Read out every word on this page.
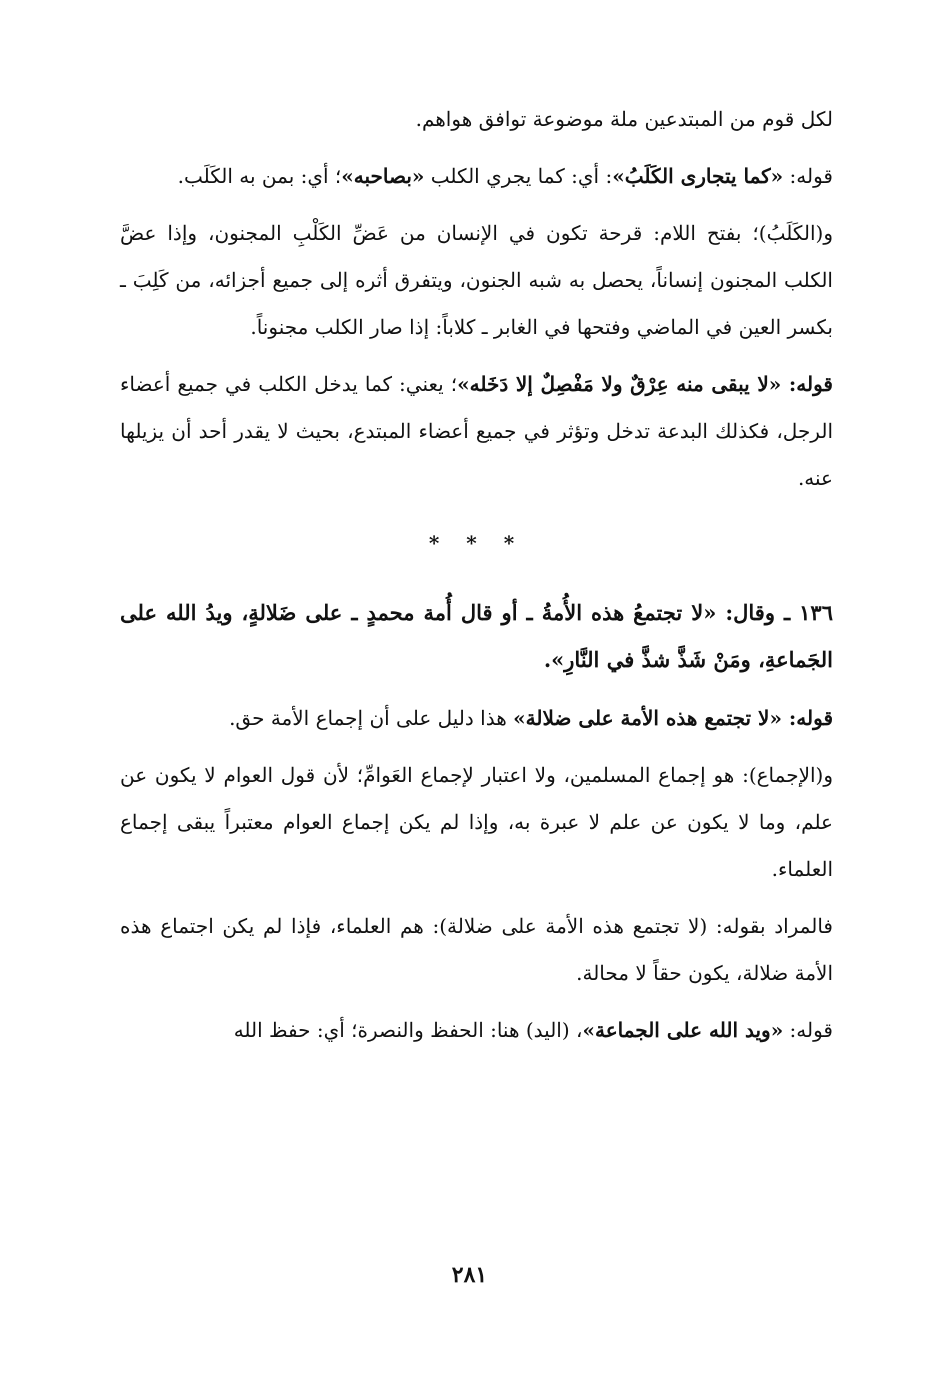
لكل قوم من المبتدعين ملة موضوعة توافق هواهم.

قوله: «كما يتجارى الكَلَبُ»: أي: كما يجري الكلب «بصاحبه»؛ أي: بمن به الكَلَب.

و(الكَلَبُ)؛ بفتح اللام: قرحة تكون في الإنسان من عَضِّ الكَلْبِ المجنون، وإذا عضَّ الكلب المجنون إنساناً، يحصل به شبه الجنون، ويتفرق أثره إلى جميع أجزائه، من كَلِبَ ـ بكسر العين في الماضي وفتحها في الغابر ـ كلاباً: إذا صار الكلب مجنوناً.

قوله: «لا يبقى منه عِرْقٌ ولا مَفْصِلٌ إلا دَخَله»؛ يعني: كما يدخل الكلب في جميع أعضاء الرجل، فكذلك البدعة تدخل وتؤثر في جميع أعضاء المبتدع، بحيث لا يقدر أحد أن يزيلها عنه.

* * *

١٣٦ ـ وقال: «لا تجتمعُ هذه الأُمةُ ـ أو قال أُمة محمدٍ ـ على ضَلالةٍ، ويدُ الله على الجَماعةِ، ومَنْ شَذَّ شذَّ في النَّارِ».

قوله: «لا تجتمع هذه الأمة على ضلالة» هذا دليل على أن إجماع الأمة حق.

و(الإجماع): هو إجماع المسلمين، ولا اعتبار لإجماع العَوامِّ؛ لأن قول العوام لا يكون عن علم، وما لا يكون عن علم لا عبرة به، وإذا لم يكن إجماع العوام معتبراً يبقى إجماع العلماء.

فالمراد بقوله: (لا تجتمع هذه الأمة على ضلالة): هم العلماء، فإذا لم يكن اجتماع هذه الأمة ضلالة، يكون حقاً لا محالة.

قوله: «ويد الله على الجماعة»، (اليد) هنا: الحفظ والنصرة؛ أي: حفظ الله

٢٨١
